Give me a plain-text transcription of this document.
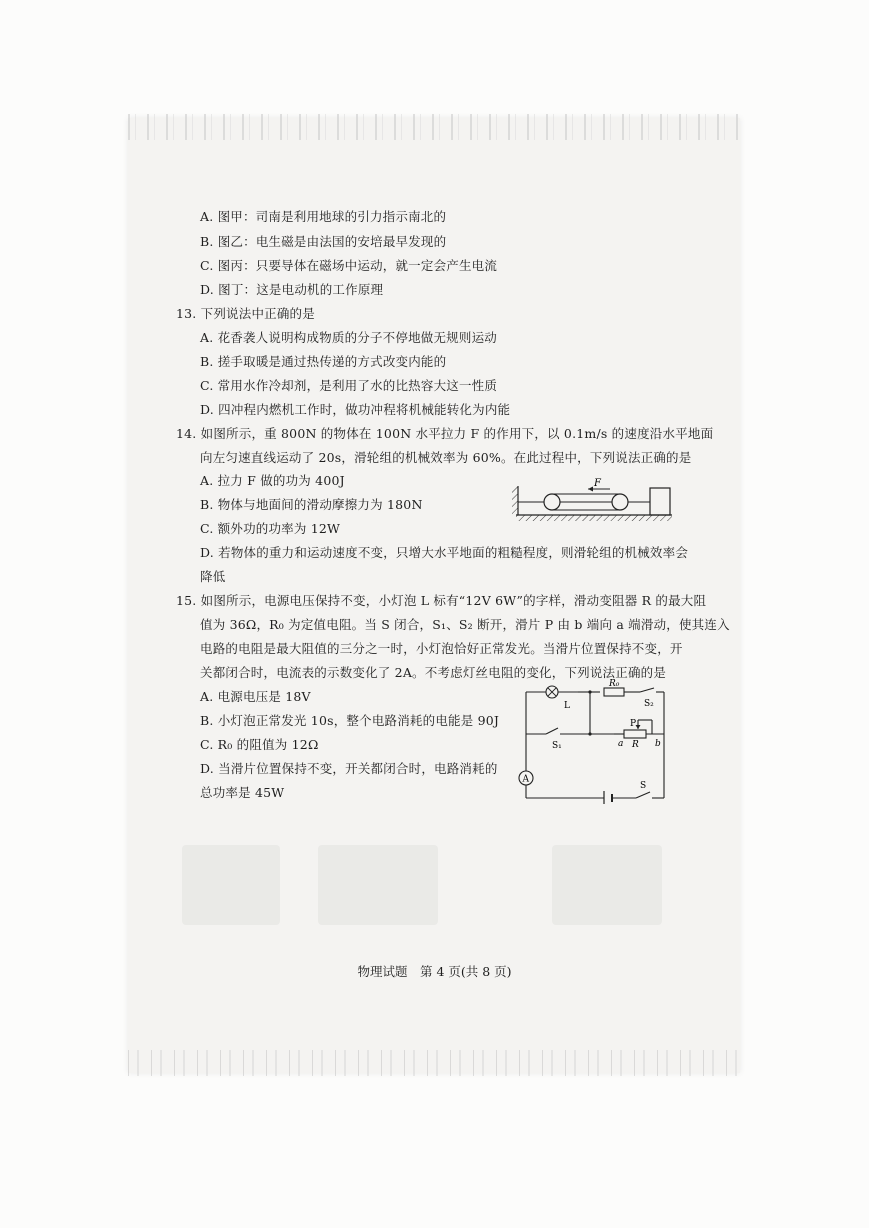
A. 图甲：司南是利用地球的引力指示南北的
B. 图乙：电生磁是由法国的安培最早发现的
C. 图丙：只要导体在磁场中运动，就一定会产生电流
D. 图丁：这是电动机的工作原理
13. 下列说法中正确的是
A. 花香袭人说明构成物质的分子不停地做无规则运动
B. 搓手取暖是通过热传递的方式改变内能的
C. 常用水作冷却剂，是利用了水的比热容大这一性质
D. 四冲程内燃机工作时，做功冲程将机械能转化为内能
14. 如图所示，重 800N 的物体在 100N 水平拉力 F 的作用下，以 0.1m/s 的速度沿水平地面
向左匀速直线运动了 20s，滑轮组的机械效率为 60%。在此过程中，下列说法正确的是
A. 拉力 F 做的功为 400J
B. 物体与地面间的滑动摩擦力为 180N
C. 额外功的功率为 12W
D. 若物体的重力和运动速度不变，只增大水平地面的粗糙程度，则滑轮组的机械效率会
降低
F
15. 如图所示，电源电压保持不变，小灯泡 L 标有“12V 6W”的字样，滑动变阻器 R 的最大阻
值为 36Ω，R₀ 为定值电阻。当 S 闭合，S₁、S₂ 断开，滑片 P 由 b 端向 a 端滑动，使其连入
电路的电阻是最大阻值的三分之一时，小灯泡恰好正常发光。当滑片位置保持不变，开
关都闭合时，电流表的示数变化了 2A。不考虑灯丝电阻的变化，下列说法正确的是
A. 电源电压是 18V
B. 小灯泡正常发光 10s，整个电路消耗的电能是 90J
C. R₀ 的阻值为 12Ω
D. 当滑片位置保持不变，开关都闭合时，电路消耗的
总功率是 45W
R₀
L	S₂
S₁
P
a R b
A
S
物理试题　第 4 页(共 8 页)
